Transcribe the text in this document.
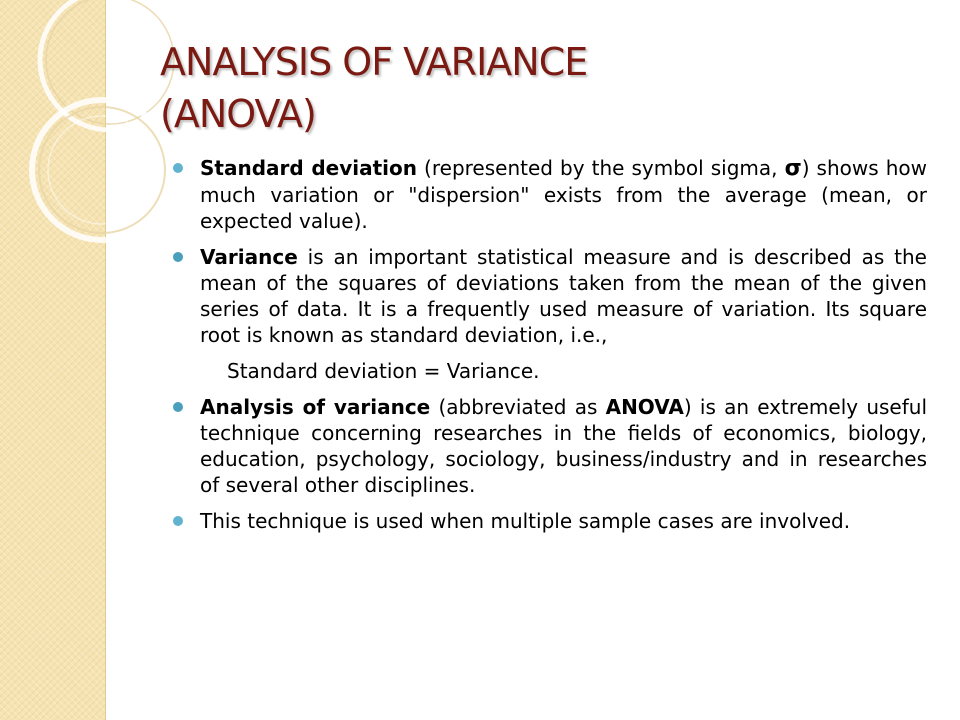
ANALYSIS OF VARIANCE
(ANOVA)

Standard deviation (represented by the symbol sigma, σ) shows how much variation or "dispersion" exists from the average (mean, or expected value).

Variance is an important statistical measure and is described as the mean of the squares of deviations taken from the mean of the given series of data. It is a frequently used measure of variation. Its square root is known as standard deviation, i.e.,

Standard deviation = Variance.

Analysis of variance (abbreviated as ANOVA) is an extremely useful technique concerning researches in the fields of economics, biology, education, psychology, sociology, business/industry and in researches of several other disciplines.

This technique is used when multiple sample cases are involved.
